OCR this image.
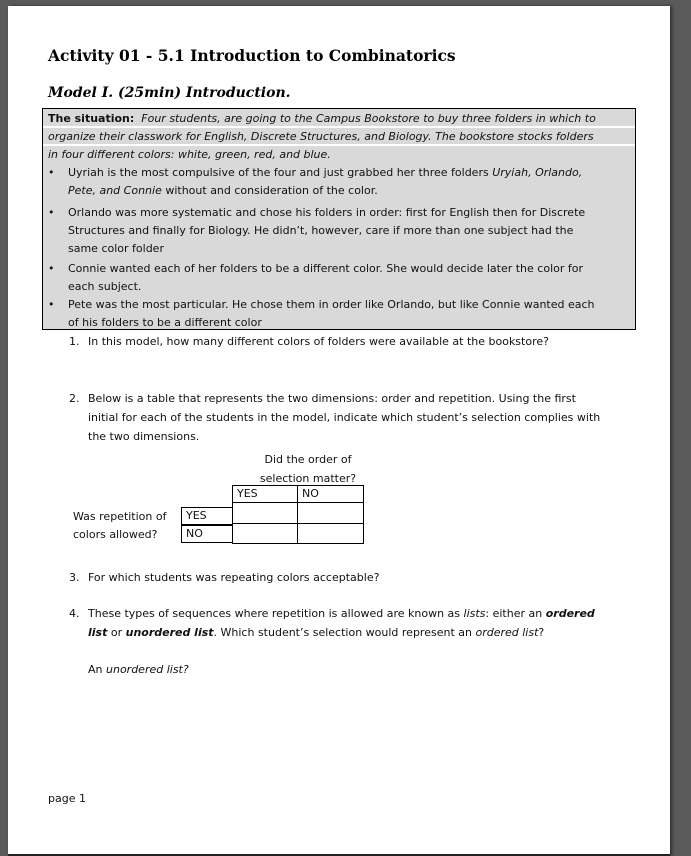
Activity 01 - 5.1 Introduction to Combinatorics
Model I. (25min) Introduction.
The situation: Four students, are going to the Campus Bookstore to buy three folders in which to
organize their classwork for English, Discrete Structures, and Biology. The bookstore stocks folders
in four different colors: white, green, red, and blue.
• Uyriah is the most compulsive of the four and just grabbed her three folders Uryiah, Orlando,
Pete, and Connie without and consideration of the color.
• Orlando was more systematic and chose his folders in order: first for English then for Discrete
Structures and finally for Biology. He didn’t, however, care if more than one subject had the
same color folder
• Connie wanted each of her folders to be a different color. She would decide later the color for
each subject.
• Pete was the most particular. He chose them in order like Orlando, but like Connie wanted each
of his folders to be a different color
1. In this model, how many different colors of folders were available at the bookstore?
2. Below is a table that represents the two dimensions: order and repetition. Using the first
initial for each of the students in the model, indicate which student’s selection complies with
the two dimensions.
Did the order of
selection matter?
YES	NO
Was repetition of
colors allowed?
YES
NO
3. For which students was repeating colors acceptable?
4. These types of sequences where repetition is allowed are known as lists: either an ordered
list or unordered list. Which student’s selection would represent an ordered list?
An unordered list?
page 1
